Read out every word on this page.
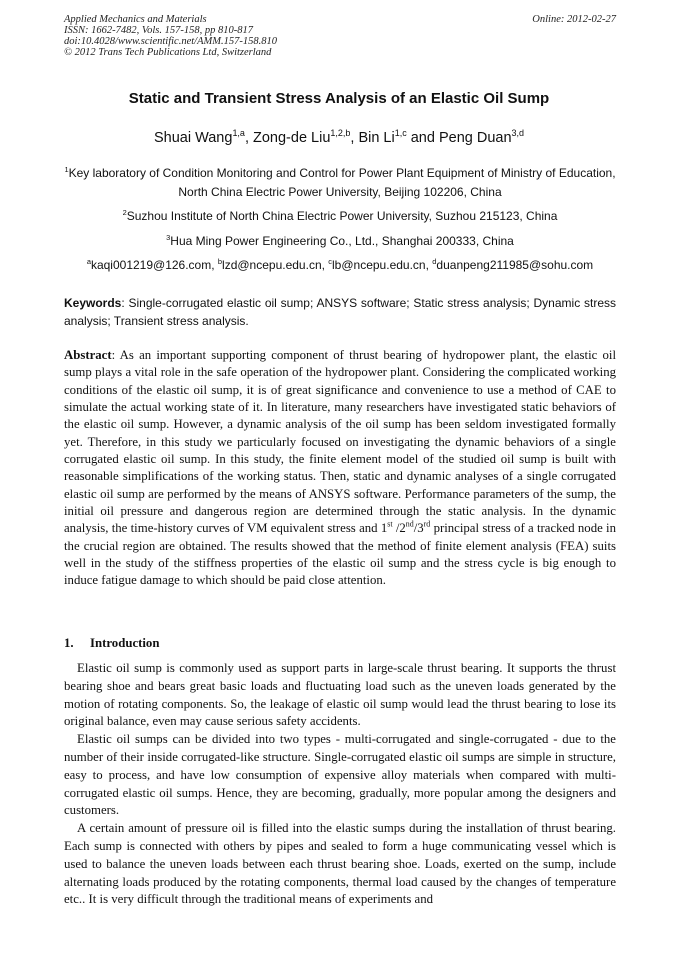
Applied Mechanics and Materials
ISSN: 1662-7482, Vols. 157-158, pp 810-817
doi:10.4028/www.scientific.net/AMM.157-158.810
© 2012 Trans Tech Publications Ltd, Switzerland
Online: 2012-02-27
Static and Transient Stress Analysis of an Elastic Oil Sump
Shuai Wang$^{1,a}$, Zong-de Liu$^{1,2,b}$, Bin Li$^{1,c}$ and Peng Duan$^{3,d}$
$^1$Key laboratory of Condition Monitoring and Control for Power Plant Equipment of Ministry of Education, North China Electric Power University, Beijing 102206, China
$^2$Suzhou Institute of North China Electric Power University, Suzhou 215123, China
$^3$Hua Ming Power Engineering Co., Ltd., Shanghai 200333, China
$^a$kaqi001219@126.com, $^b$lzd@ncepu.edu.cn, $^c$lb@ncepu.edu.cn, $^d$duanpeng211985@sohu.com
Keywords: Single-corrugated elastic oil sump; ANSYS software; Static stress analysis; Dynamic stress analysis; Transient stress analysis.
Abstract: As an important supporting component of thrust bearing of hydropower plant, the elastic oil sump plays a vital role in the safe operation of the hydropower plant. Considering the complicated working conditions of the elastic oil sump, it is of great significance and convenience to use a method of CAE to simulate the actual working state of it. In literature, many researchers have investigated static behaviors of the elastic oil sump. However, a dynamic analysis of the oil sump has been seldom investigated formally yet. Therefore, in this study we particularly focused on investigating the dynamic behaviors of a single corrugated elastic oil sump. In this study, the finite element model of the studied oil sump is built with reasonable simplifications of the working status. Then, static and dynamic analyses of a single corrugated elastic oil sump are performed by the means of ANSYS software. Performance parameters of the sump, the initial oil pressure and dangerous region are determined through the static analysis. In the dynamic analysis, the time-history curves of VM equivalent stress and 1st /2nd/3rd principal stress of a tracked node in the crucial region are obtained. The results showed that the method of finite element analysis (FEA) suits well in the study of the stiffness properties of the elastic oil sump and the stress cycle is big enough to induce fatigue damage to which should be paid close attention.
1. Introduction

Elastic oil sump is commonly used as support parts in large-scale thrust bearing. It supports the thrust bearing shoe and bears great basic loads and fluctuating load such as the uneven loads generated by the motion of rotating components. So, the leakage of elastic oil sump would lead the thrust bearing to lose its original balance, even may cause serious safety accidents.

Elastic oil sumps can be divided into two types - multi-corrugated and single-corrugated - due to the number of their inside corrugated-like structure. Single-corrugated elastic oil sumps are simple in structure, easy to process, and have low consumption of expensive alloy materials when compared with multi-corrugated elastic oil sumps. Hence, they are becoming, gradually, more popular among the designers and customers.

A certain amount of pressure oil is filled into the elastic sumps during the installation of thrust bearing. Each sump is connected with others by pipes and sealed to form a huge communicating vessel which is used to balance the uneven loads between each thrust bearing shoe. Loads, exerted on the sump, include alternating loads produced by the rotating components, thermal load caused by the changes of temperature etc.. It is very difficult through the traditional means of experiments and
